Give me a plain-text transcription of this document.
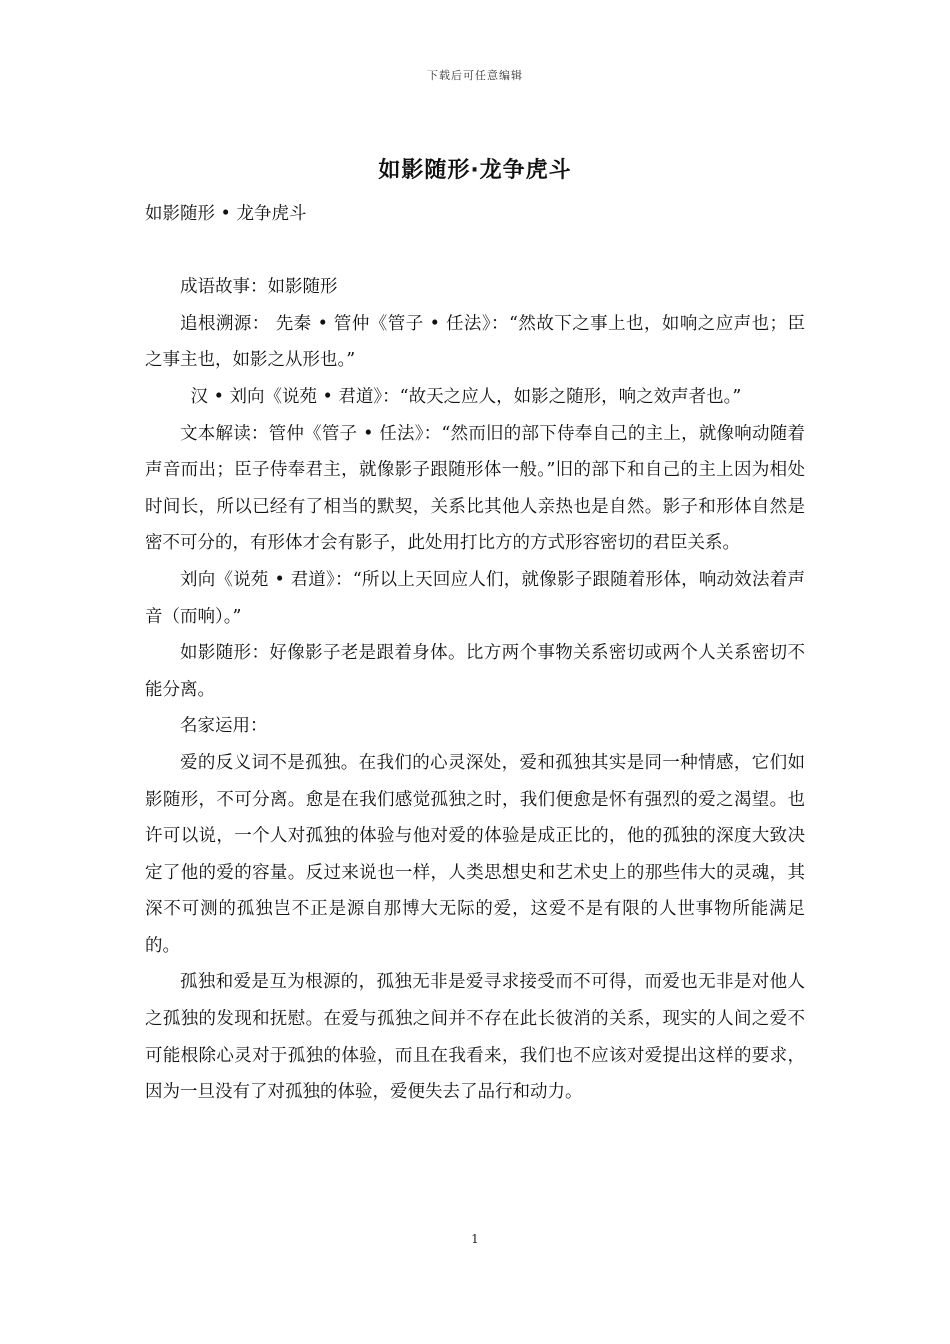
下载后可任意编辑
如影随形·龙争虎斗

如影随形 • 龙争虎斗

成语故事：如影随形

追根溯源： 先秦 • 管仲《管子 • 任法》：“然故下之事上也，如响之应声也；臣之事主也，如影之从形也。”

汉 • 刘向《说苑 • 君道》：“故天之应人，如影之随形，响之效声者也。”

文本解读：管仲《管子 • 任法》：“然而旧的部下侍奉自己的主上，就像响动随着声音而出；臣子侍奉君主，就像影子跟随形体一般。”旧的部下和自己的主上因为相处时间长，所以已经有了相当的默契，关系比其他人亲热也是自然。影子和形体自然是密不可分的，有形体才会有影子，此处用打比方的方式形容密切的君臣关系。

刘向《说苑 • 君道》：“所以上天回应人们，就像影子跟随着形体，响动效法着声音（而响）。”

如影随形：好像影子老是跟着身体。比方两个事物关系密切或两个人关系密切不能分离。

名家运用：

爱的反义词不是孤独。在我们的心灵深处，爱和孤独其实是同一种情感，它们如影随形，不可分离。愈是在我们感觉孤独之时，我们便愈是怀有强烈的爱之渴望。也许可以说，一个人对孤独的体验与他对爱的体验是成正比的，他的孤独的深度大致决定了他的爱的容量。反过来说也一样，人类思想史和艺术史上的那些伟大的灵魂，其深不可测的孤独岂不正是源自那博大无际的爱，这爱不是有限的人世事物所能满足的。

孤独和爱是互为根源的，孤独无非是爱寻求接受而不可得，而爱也无非是对他人之孤独的发现和抚慰。在爱与孤独之间并不存在此长彼消的关系，现实的人间之爱不可能根除心灵对于孤独的体验，而且在我看来，我们也不应该对爱提出这样的要求，因为一旦没有了对孤独的体验，爱便失去了品行和动力。

1
